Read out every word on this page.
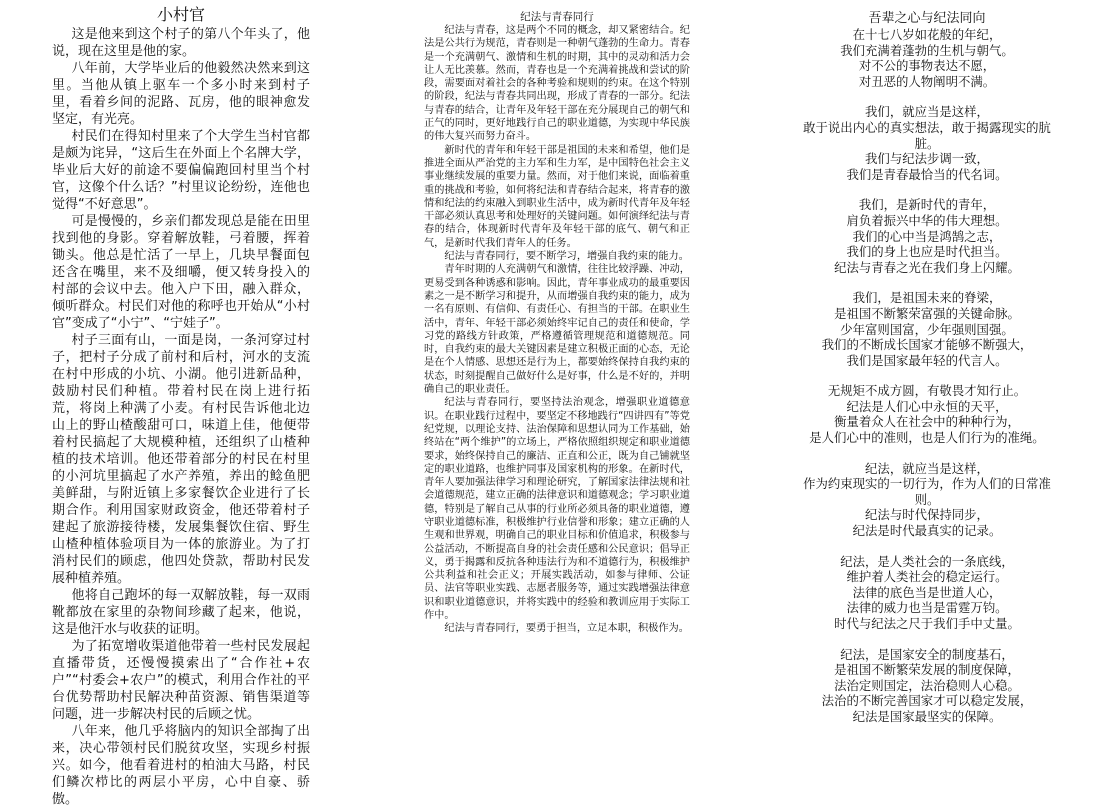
小村官

这是他来到这个村子的第八个年头了，他说，现在这里是他的家。

八年前，大学毕业后的他毅然决然来到这里。当他从镇上驱车一个多小时来到村子里，看着乡间的泥路、瓦房，他的眼神愈发坚定，有光亮。

村民们在得知村里来了个大学生当村官都是颇为诧异，“这后生在外面上个名牌大学，毕业后大好的前途不要偏偏跑回村里当个村官，这像个什么话？”村里议论纷纷，连他也觉得“不好意思”。

可是慢慢的，乡亲们都发现总是能在田里找到他的身影。穿着解放鞋，弓着腰，挥着锄头。他总是忙活了一早上，几块早餐面包还含在嘴里，来不及细嚼，便又转身投入的村部的会议中去。他入户下田，融入群众，倾听群众。村民们对他的称呼也开始从“小村官”变成了“小宁”、“宁娃子”。

村子三面有山，一面是岗，一条河穿过村子，把村子分成了前村和后村，河水的支流在村中形成的小坑、小湖。他引进新品种，鼓励村民们种植。带着村民在岗上进行拓荒，将岗上种满了小麦。有村民告诉他北边山上的野山楂酸甜可口，味道上佳，他便带着村民搞起了大规模种植，还组织了山楂种植的技术培训。他还带着部分的村民在村里的小河坑里搞起了水产养殖，养出的鲶鱼肥美鲜甜，与附近镇上多家餐饮企业进行了长期合作。利用国家财政资金，他还带着村子建起了旅游接待楼，发展集餐饮住宿、野生山楂种植体验项目为一体的旅游业。为了打消村民们的顾虑，他四处贷款，帮助村民发展种植养殖。

他将自己跑坏的每一双解放鞋，每一双雨靴都放在家里的杂物间珍藏了起来，他说，这是他汗水与收获的证明。

为了拓宽增收渠道他带着一些村民发展起直播带货，还慢慢摸索出了“合作社+农户”“村委会+农户”的模式，利用合作社的平台优势帮助村民解决种苗资源、销售渠道等问题，进一步解决村民的后顾之忧。

八年来，他几乎将脑内的知识全部掏了出来，决心带领村民们脱贫攻坚，实现乡村振兴。如今，他看着进村的柏油大马路，村民们鳞次栉比的两层小平房，心中自豪、骄傲。

纪法与青春同行

纪法与青春，这是两个不同的概念，却又紧密结合。纪法是公共行为规范，青春则是一种朝气蓬勃的生命力。青春是一个充满朝气、激情和生机的时期，其中的灵动和活力会让人无比羡慕。然而，青春也是一个充满着挑战和尝试的阶段，需要面对着社会的各种考验和规则的约束。在这个特别的阶段，纪法与青春共同出现，形成了青春的一部分。纪法与青春的结合，让青年及年轻干部在充分展现自己的朝气和正气的同时，更好地践行自己的职业道德，为实现中华民族的伟大复兴而努力奋斗。

新时代的青年和年轻干部是祖国的未来和希望，他们是推进全面从严治党的主力军和生力军，是中国特色社会主义事业继续发展的重要力量。然而，对于他们来说，面临着重重的挑战和考验，如何将纪法和青春结合起来，将青春的激情和纪法的约束融入到职业生活中，成为新时代青年及年轻干部必须认真思考和处理好的关键问题。如何演绎纪法与青春的结合，体现新时代青年及年轻干部的底气、朝气和正气，是新时代我们青年人的任务。

纪法与青春同行，要不断学习，增强自我约束的能力。

青年时期的人充满朝气和激情，往往比较浮躁、冲动，更易受到各种诱惑和影响。因此，青年事业成功的最重要因素之一是不断学习和提升，从而增强自我约束的能力，成为一名有原则、有信仰、有责任心、有担当的干部。在职业生活中，青年、年轻干部必须始终牢记自己的责任和使命，学习党的路线方针政策，严格遵循管理规范和道德规范。同时，自我约束的最大关键因素是建立积极正面的心态，无论是在个人情感、思想还是行为上，都要始终保持自我约束的状态，时刻提醒自己做好什么是好事，什么是不好的，并明确自己的职业责任。

纪法与青春同行，要坚持法治观念，增强职业道德意识。在职业践行过程中，要坚定不移地践行“四讲四有”等党纪党规，以理论支持、法治保障和思想认同为工作基础，始终站在“两个维护”的立场上，严格依照组织规定和职业道德要求，始终保持自己的廉洁、正直和公正，既为自己铺就坚定的职业道路，也维护同事及国家机构的形象。在新时代，青年人要加强法律学习和理论研究，了解国家法律法规和社会道德规范，建立正确的法律意识和道德观念；学习职业道德，特别是了解自己从事的行业所必须具备的职业道德，遵守职业道德标准，积极维护行业信誉和形象；建立正确的人生观和世界观，明确自己的职业目标和价值追求，积极参与公益活动，不断提高自身的社会责任感和公民意识；倡导正义，勇于揭露和反抗各种违法行为和不道德行为，积极维护公共利益和社会正义；开展实践活动，如参与律师、公证员、法官等职业实践、志愿者服务等，通过实践增强法律意识和职业道德意识，并将实践中的经验和教训应用于实际工作中。

纪法与青春同行，要勇于担当，立足本职，积极作为。

吾辈之心与纪法同向
在十七八岁如花般的年纪，
我们充满着蓬勃的生机与朝气。
对不公的事物表达不愿，
对丑恶的人物阐明不满。
我们，就应当是这样，
敢于说出内心的真实想法，敢于揭露现实的肮脏。
我们与纪法步调一致，
我们是青春最恰当的代名词。
我们，是新时代的青年，
肩负着振兴中华的伟大理想。
我们的心中当是鸿鹄之志，
我们的身上也应是时代担当。
纪法与青春之光在我们身上闪耀。
我们，是祖国未来的脊梁，
是祖国不断繁荣富强的关键命脉。
少年富则国富，少年强则国强。
我们的不断成长国家才能够不断强大，
我们是国家最年轻的代言人。
无规矩不成方圆，有敬畏才知行止。
纪法是人们心中永恒的天平，
衡量着众人在社会中的种种行为，
是人们心中的准则，也是人们行为的准绳。
纪法，就应当是这样，
作为约束现实的一切行为，作为人们的日常准则。
纪法与时代保持同步，
纪法是时代最真实的记录。
纪法，是人类社会的一条底线，
维护着人类社会的稳定运行。
法律的底色当是世道人心，
法律的威力也当是雷霆万钧。
时代与纪法之尺于我们手中丈量。
纪法，是国家安全的制度基石，
是祖国不断繁荣发展的制度保障，
法治定则国定，法治稳则人心稳。
法治的不断完善国家才可以稳定发展，
纪法是国家最坚实的保障。
